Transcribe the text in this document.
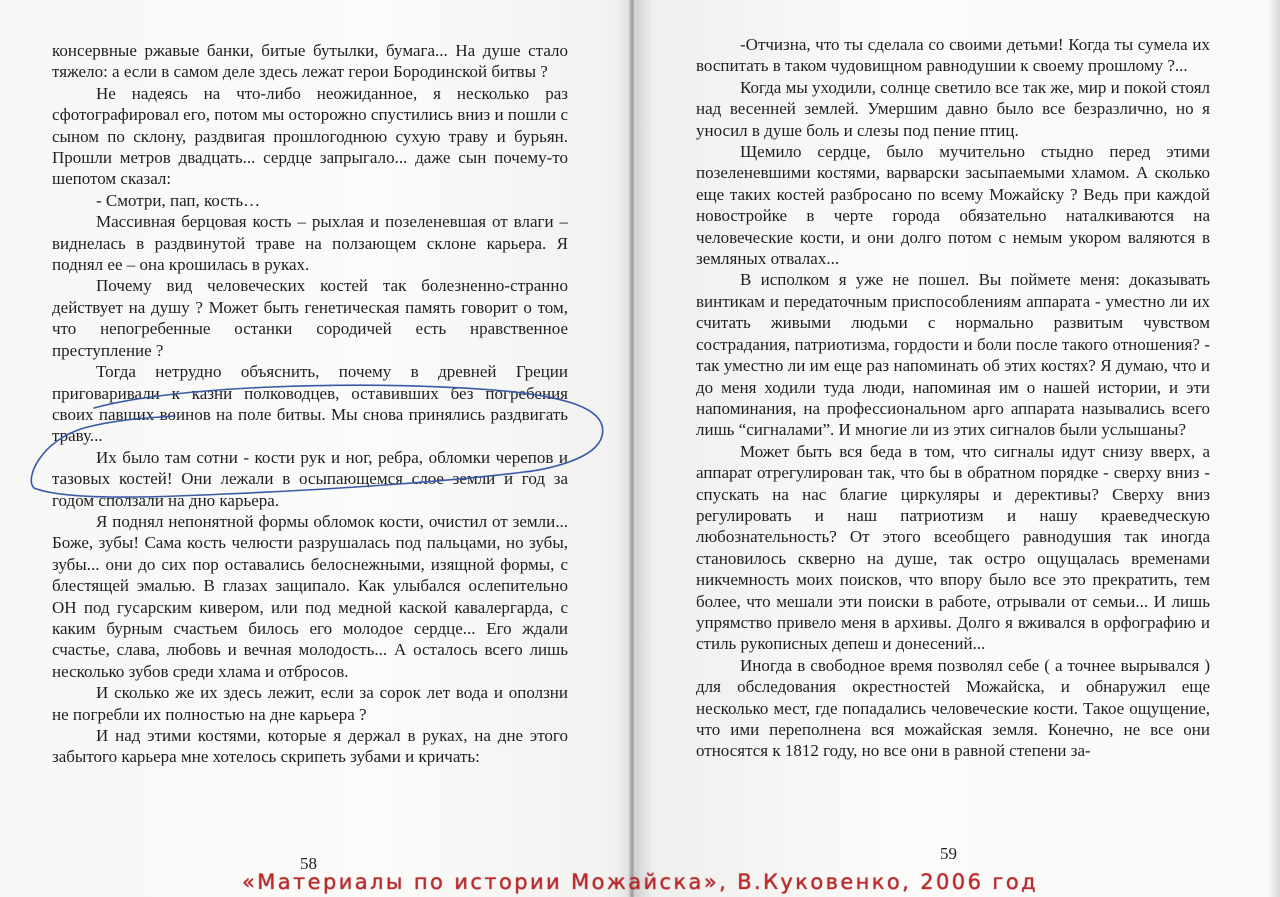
консервные ржавые банки, битые бутылки, бумага... На душе стало тяжело: а если в самом деле здесь лежат герои Бородинской битвы ?

Не надеясь на что-либо неожиданное, я несколько раз сфотографировал его, потом мы осторожно спустились вниз и пошли с сыном по склону, раздвигая прошлогоднюю сухую траву и бурьян. Прошли метров двадцать... сердце запрыгало... даже сын почему-то шепотом сказал:

- Смотри, пап, кость…

Массивная берцовая кость – рыхлая и позеленевшая от влаги – виднелась в раздвинутой траве на ползающем склоне карьера. Я поднял ее – она крошилась в руках.

Почему вид человеческих костей так болезненно-странно действует на душу ? Может быть генетическая память говорит о том, что непогребенные останки сородичей есть нравственное преступление ?

Тогда нетрудно объяснить, почему в древней Греции приговаривали к казни полководцев, оставивших без погребения своих павших воинов на поле битвы. Мы снова принялись раздвигать траву...

Их было там сотни - кости рук и ног, ребра, обломки черепов и тазовых костей! Они лежали в осыпающемся слое земли и год за годом сползали на дно карьера.

Я поднял непонятной формы обломок кости, очистил от земли... Боже, зубы! Сама кость челюсти разрушалась под пальцами, но зубы, зубы... они до сих пор оставались белоснежными, изящной формы, с блестящей эмалью. В глазах защипало. Как улыбался ослепительно ОН под гусарским кивером, или под медной каской кавалергарда, с каким бурным счастьем билось его молодое сердце... Его ждали счастье, слава, любовь и вечная молодость... А осталось всего лишь несколько зубов среди хлама и отбросов.

И сколько же их здесь лежит, если за сорок лет вода и оползни не погребли их полностью на дне карьера ?

И над этими костями, которые я держал в руках, на дне этого забытого карьера мне хотелось скрипеть зубами и кричать:

58

-Отчизна, что ты сделала со своими детьми! Когда ты сумела их воспитать в таком чудовищном равнодушии к своему прошлому ?...

Когда мы уходили, солнце светило все так же, мир и покой стоял над весенней землей. Умершим давно было все безразлично, но я уносил в душе боль и слезы под пение птиц.

Щемило сердце, было мучительно стыдно перед этими позеленевшими костями, варварски засыпаемыми хламом. А сколько еще таких костей разбросано по всему Можайску ? Ведь при каждой новостройке в черте города обязательно наталкиваются на человеческие кости, и они долго потом с немым укором валяются в земляных отвалах...

В исполком я уже не пошел. Вы поймете меня: доказывать винтикам и передаточным приспособлениям аппарата - уместно ли их считать живыми людьми с нормально развитым чувством сострадания, патриотизма, гордости и боли после такого отношения? - так уместно ли им еще раз напоминать об этих костях? Я думаю, что и до меня ходили туда люди, напоминая им о нашей истории, и эти напоминания, на профессиональном арго аппарата назывались всего лишь “сигналами”. И многие ли из этих сигналов были услышаны?

Может быть вся беда в том, что сигналы идут снизу вверх, а аппарат отрегулирован так, что бы в обратном порядке - сверху вниз - спускать на нас благие циркуляры и дерективы? Сверху вниз регулировать и наш патриотизм и нашу краеведческую любознательность? От этого всеобщего равнодушия так иногда становилось скверно на душе, так остро ощущалась временами никчемность моих поисков, что впору было все это прекратить, тем более, что мешали эти поиски в работе, отрывали от семьи... И лишь упрямство привело меня в архивы. Долго я вживался в орфографию и стиль рукописных депеш и донесений...

Иногда в свободное время позволял себе ( а точнее вырывался ) для обследования окрестностей Можайска, и обнаружил еще несколько мест, где попадались человеческие кости. Такое ощущение, что ими переполнена вся можайская земля. Конечно, не все они относятся к 1812 году, но все они в равной степени за-

59
«Материалы по истории Можайска», В.Куковенко, 2006 год
